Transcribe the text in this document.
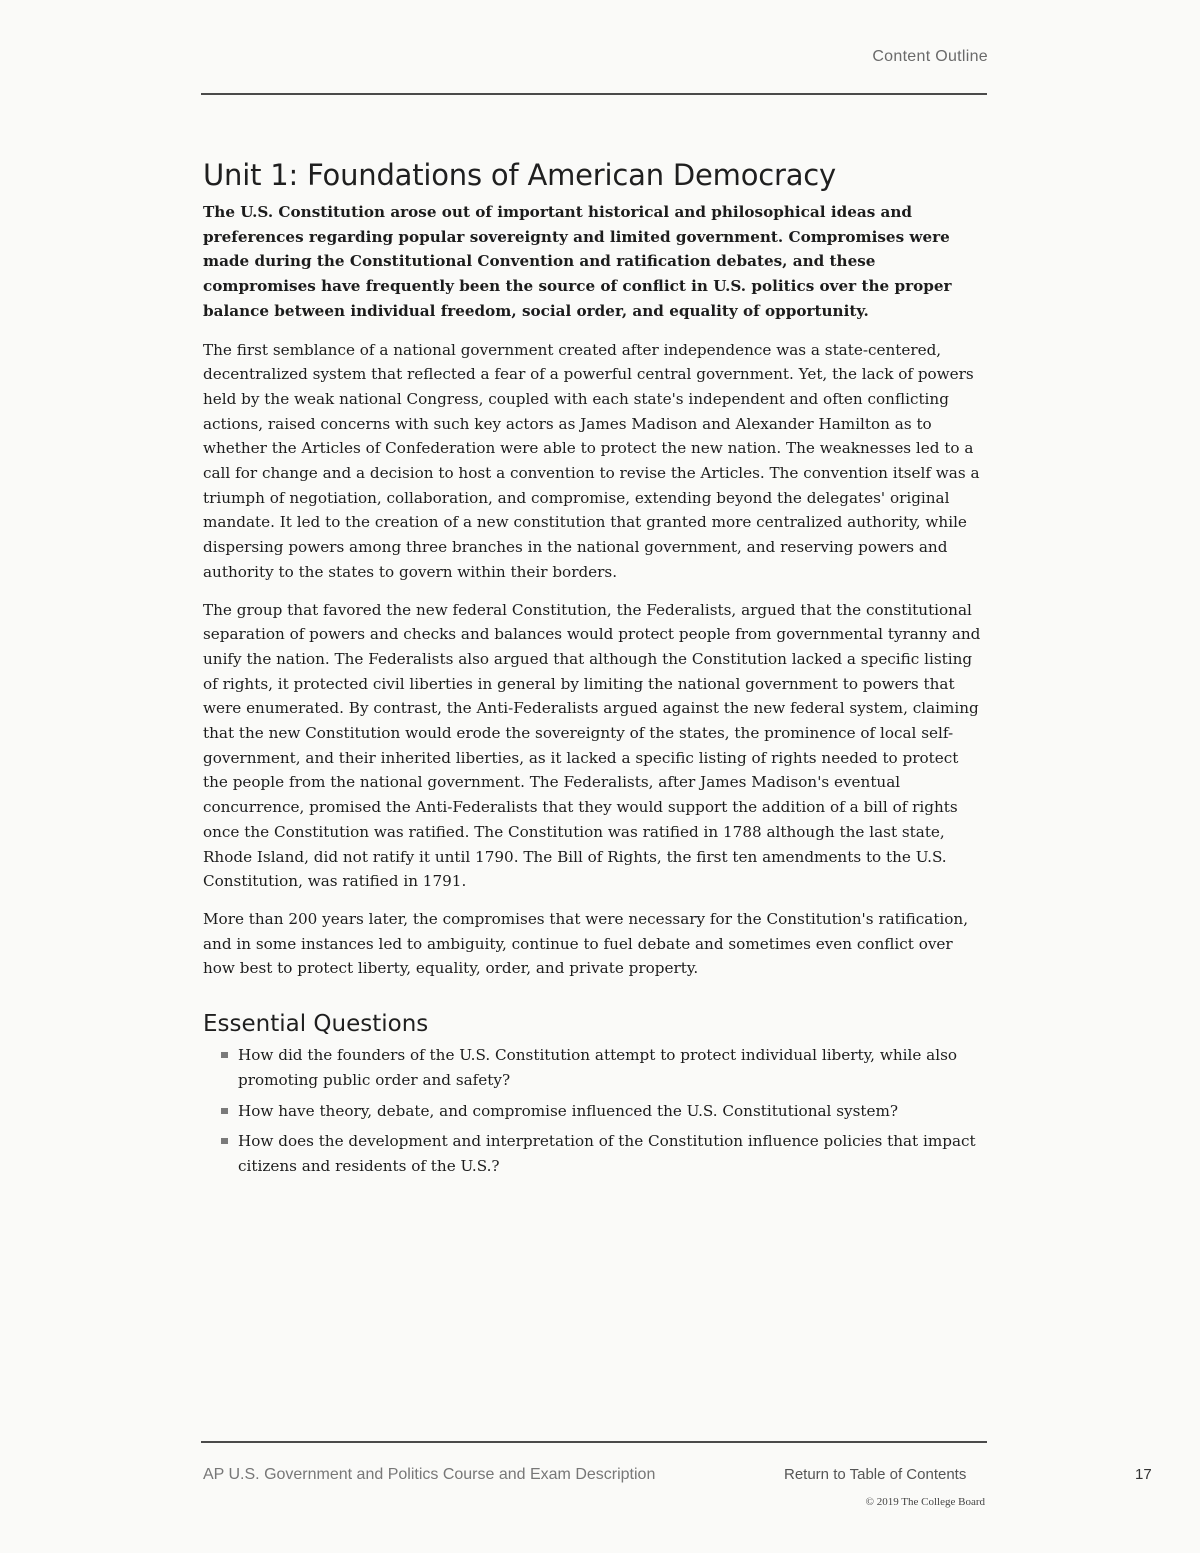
Content Outline
Unit 1: Foundations of American Democracy

The U.S. Constitution arose out of important historical and philosophical ideas and preferences regarding popular sovereignty and limited government. Compromises were made during the Constitutional Convention and ratification debates, and these compromises have frequently been the source of conflict in U.S. politics over the proper balance between individual freedom, social order, and equality of opportunity.

The first semblance of a national government created after independence was a state-centered, decentralized system that reflected a fear of a powerful central government. Yet, the lack of powers held by the weak national Congress, coupled with each state's independent and often conflicting actions, raised concerns with such key actors as James Madison and Alexander Hamilton as to whether the Articles of Confederation were able to protect the new nation. The weaknesses led to a call for change and a decision to host a convention to revise the Articles. The convention itself was a triumph of negotiation, collaboration, and compromise, extending beyond the delegates' original mandate. It led to the creation of a new constitution that granted more centralized authority, while dispersing powers among three branches in the national government, and reserving powers and authority to the states to govern within their borders.

The group that favored the new federal Constitution, the Federalists, argued that the constitutional separation of powers and checks and balances would protect people from governmental tyranny and unify the nation. The Federalists also argued that although the Constitution lacked a specific listing of rights, it protected civil liberties in general by limiting the national government to powers that were enumerated. By contrast, the Anti-Federalists argued against the new federal system, claiming that the new Constitution would erode the sovereignty of the states, the prominence of local self-government, and their inherited liberties, as it lacked a specific listing of rights needed to protect the people from the national government. The Federalists, after James Madison's eventual concurrence, promised the Anti-Federalists that they would support the addition of a bill of rights once the Constitution was ratified. The Constitution was ratified in 1788 although the last state, Rhode Island, did not ratify it until 1790. The Bill of Rights, the first ten amendments to the U.S. Constitution, was ratified in 1791.

More than 200 years later, the compromises that were necessary for the Constitution's ratification, and in some instances led to ambiguity, continue to fuel debate and sometimes even conflict over how best to protect liberty, equality, order, and private property.

Essential Questions
How did the founders of the U.S. Constitution attempt to protect individual liberty, while also promoting public order and safety?
How have theory, debate, and compromise influenced the U.S. Constitutional system?
How does the development and interpretation of the Constitution influence policies that impact citizens and residents of the U.S.?
AP U.S. Government and Politics Course and Exam Description	Return to Table of Contents
© 2019 The College Board
17
